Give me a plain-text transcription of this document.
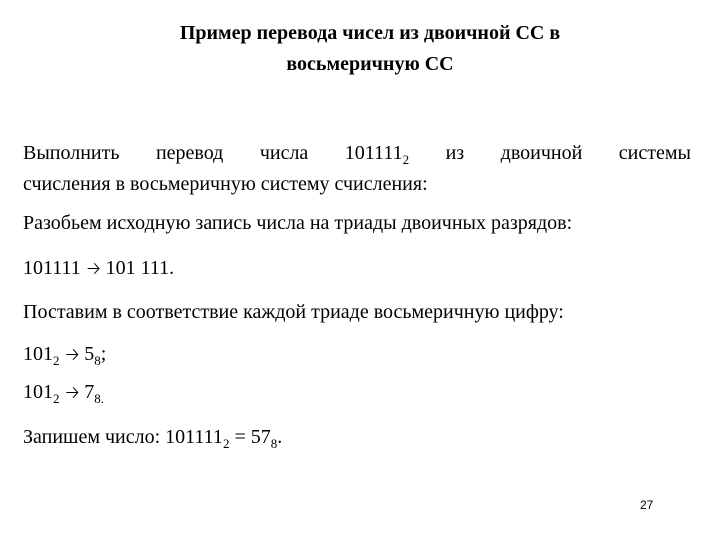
Пример перевода чисел из двоичной СС в
восьмеричную СС
Выполнить перевод числа $101111_2$ из двоичной системы
счисления в восьмеричную систему счисления:

Разобьем исходную запись числа на триады двоичных разрядов:

101111 🡢 101 111.

Поставим в соответствие каждой триаде восьмеричную цифру:

$101_2$ 🡢 $5_8$;

$101_2$ 🡢 $7_{8.}$

Запишем число: $101111_2 = 57_8$.

27
